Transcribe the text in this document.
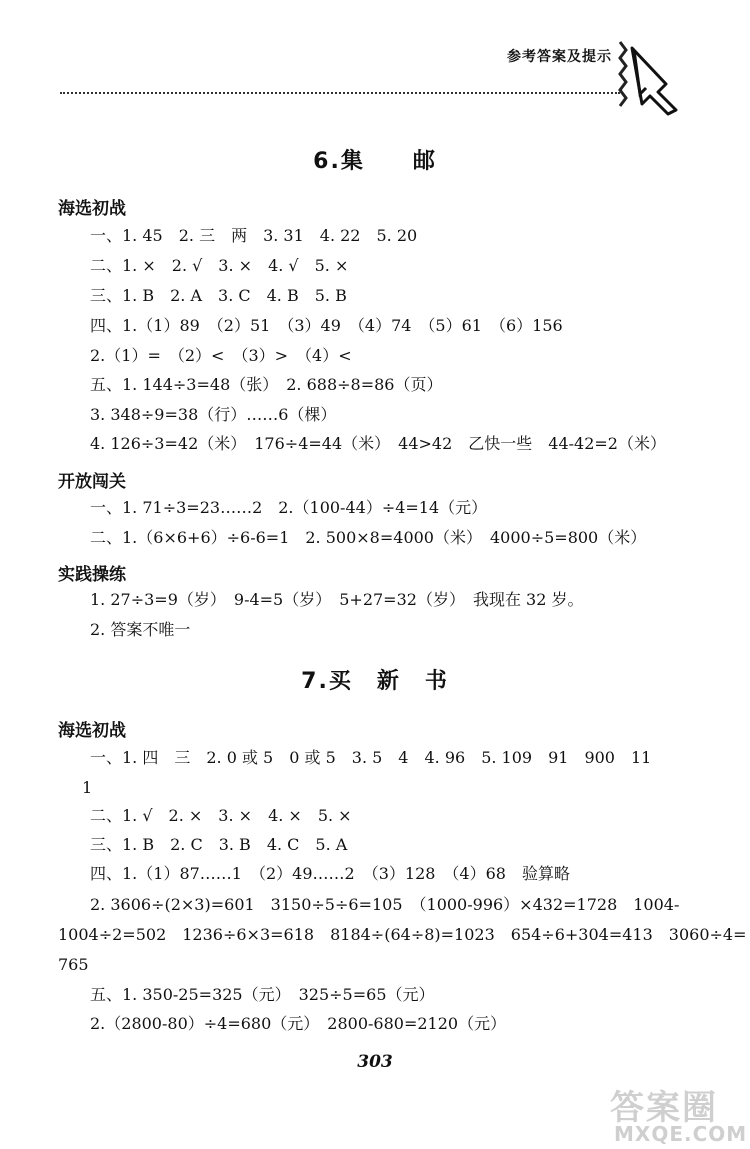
参考答案及提示
6.集　　邮
海选初战
一、1. 45　2. 三　两　3. 31　4. 22　5. 20
二、1. ×　2. √　3. ×　4. √　5. ×
三、1. B　2. A　3. C　4. B　5. B
四、1.（1）89　（2）51　（3）49　（4）74　（5）61　（6）156
2.（1）=　（2）<　（3）>　（4）<
五、1. 144÷3=48（张）　2. 688÷8=86（页）
3. 348÷9=38（行）……6（棵）
4. 126÷3=42（米）　176÷4=44（米）　44>42　乙快一些　44-42=2（米）
开放闯关
一、1. 71÷3=23……2　2.（100-44）÷4=14（元）
二、1.（6×6+6）÷6-6=1　2. 500×8=4000（米）　4000÷5=800（米）
实践操练
1. 27÷3=9（岁）　9-4=5（岁）　5+27=32（岁）　我现在 32 岁。
2. 答案不唯一
7.买　新　书
海选初战
一、1. 四　三　2. 0 或 5　0 或 5　3. 5　4　4. 96　5. 109　91　900　11
1
二、1. √　2. ×　3. ×　4. ×　5. ×
三、1. B　2. C　3. B　4. C　5. A
四、1.（1）87……1　（2）49……2　（3）128　（4）68　验算略
2. 3606÷(2×3)=601　3150÷5÷6=105　（1000-996）×432=1728　1004-
1004÷2=502　1236÷6×3=618　8184÷(64÷8)=1023　654÷6+304=413　3060÷4=
765
五、1. 350-25=325（元）　325÷5=65（元）
2.（2800-80）÷4=680（元）　2800-680=2120（元）
303
答案圈
MXQE.COM
